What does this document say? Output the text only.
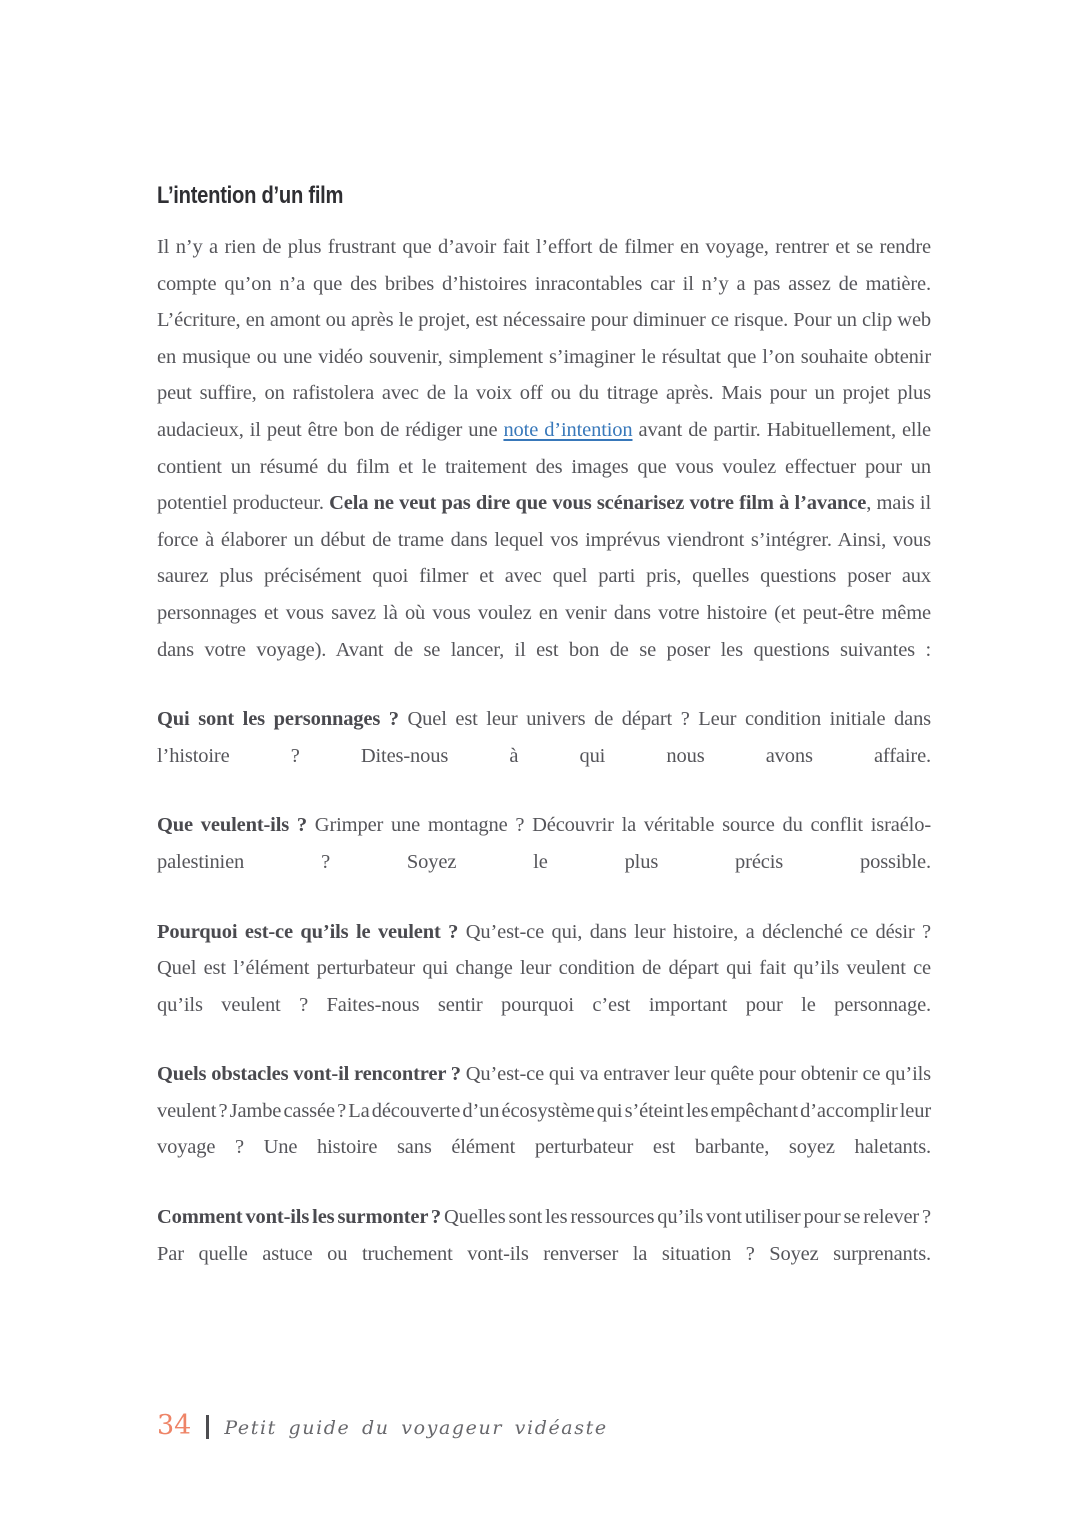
L’intention d’un film

Il n’y a rien de plus frustrant que d’avoir fait l’effort de filmer en voyage, rentrer et se rendre compte qu’on n’a que des bribes d’histoires inracontables car il n’y a pas assez de matière. L’écriture, en amont ou après le projet, est nécessaire pour diminuer ce risque. Pour un clip web en musique ou une vidéo souvenir, simplement s’imaginer le résultat que l’on souhaite obtenir peut suffire, on rafistolera avec de la voix off ou du titrage après. Mais pour un projet plus audacieux, il peut être bon de rédiger une note d’intention avant de partir. Habituellement, elle contient un résumé du film et le traitement des images que vous voulez effectuer pour un potentiel producteur. Cela ne veut pas dire que vous scénarisez votre film à l’avance, mais il force à élaborer un début de trame dans lequel vos imprévus viendront s’intégrer. Ainsi, vous saurez plus précisément quoi filmer et avec quel parti pris, quelles questions poser aux personnages et vous savez là où vous voulez en venir dans votre histoire (et peut-être même dans votre voyage). Avant de se lancer, il est bon de se poser les questions suivantes :

Qui sont les personnages ? Quel est leur univers de départ ? Leur condition initiale dans l’histoire ? Dites-nous à qui nous avons affaire.

Que veulent-ils ? Grimper une montagne ? Découvrir la véritable source du conflit israélo-palestinien ? Soyez le plus précis possible.

Pourquoi est-ce qu’ils le veulent ? Qu’est-ce qui, dans leur histoire, a déclenché ce désir ? Quel est l’élément perturbateur qui change leur condition de départ qui fait qu’ils veulent ce qu’ils veulent ? Faites-nous sentir pourquoi c’est important pour le personnage.

Quels obstacles vont-il rencontrer ? Qu’est-ce qui va entraver leur quête pour obtenir ce qu’ils veulent ? Jambe cassée ? La découverte d’un écosystème qui s’éteint les empêchant d’accomplir leur voyage ? Une histoire sans élément perturbateur est barbante, soyez haletants.

Comment vont-ils les surmonter ? Quelles sont les ressources qu’ils vont utiliser pour se relever ? Par quelle astuce ou truchement vont-ils renverser la situation ? Soyez surprenants.

34 Petit guide du voyageur vidéaste
